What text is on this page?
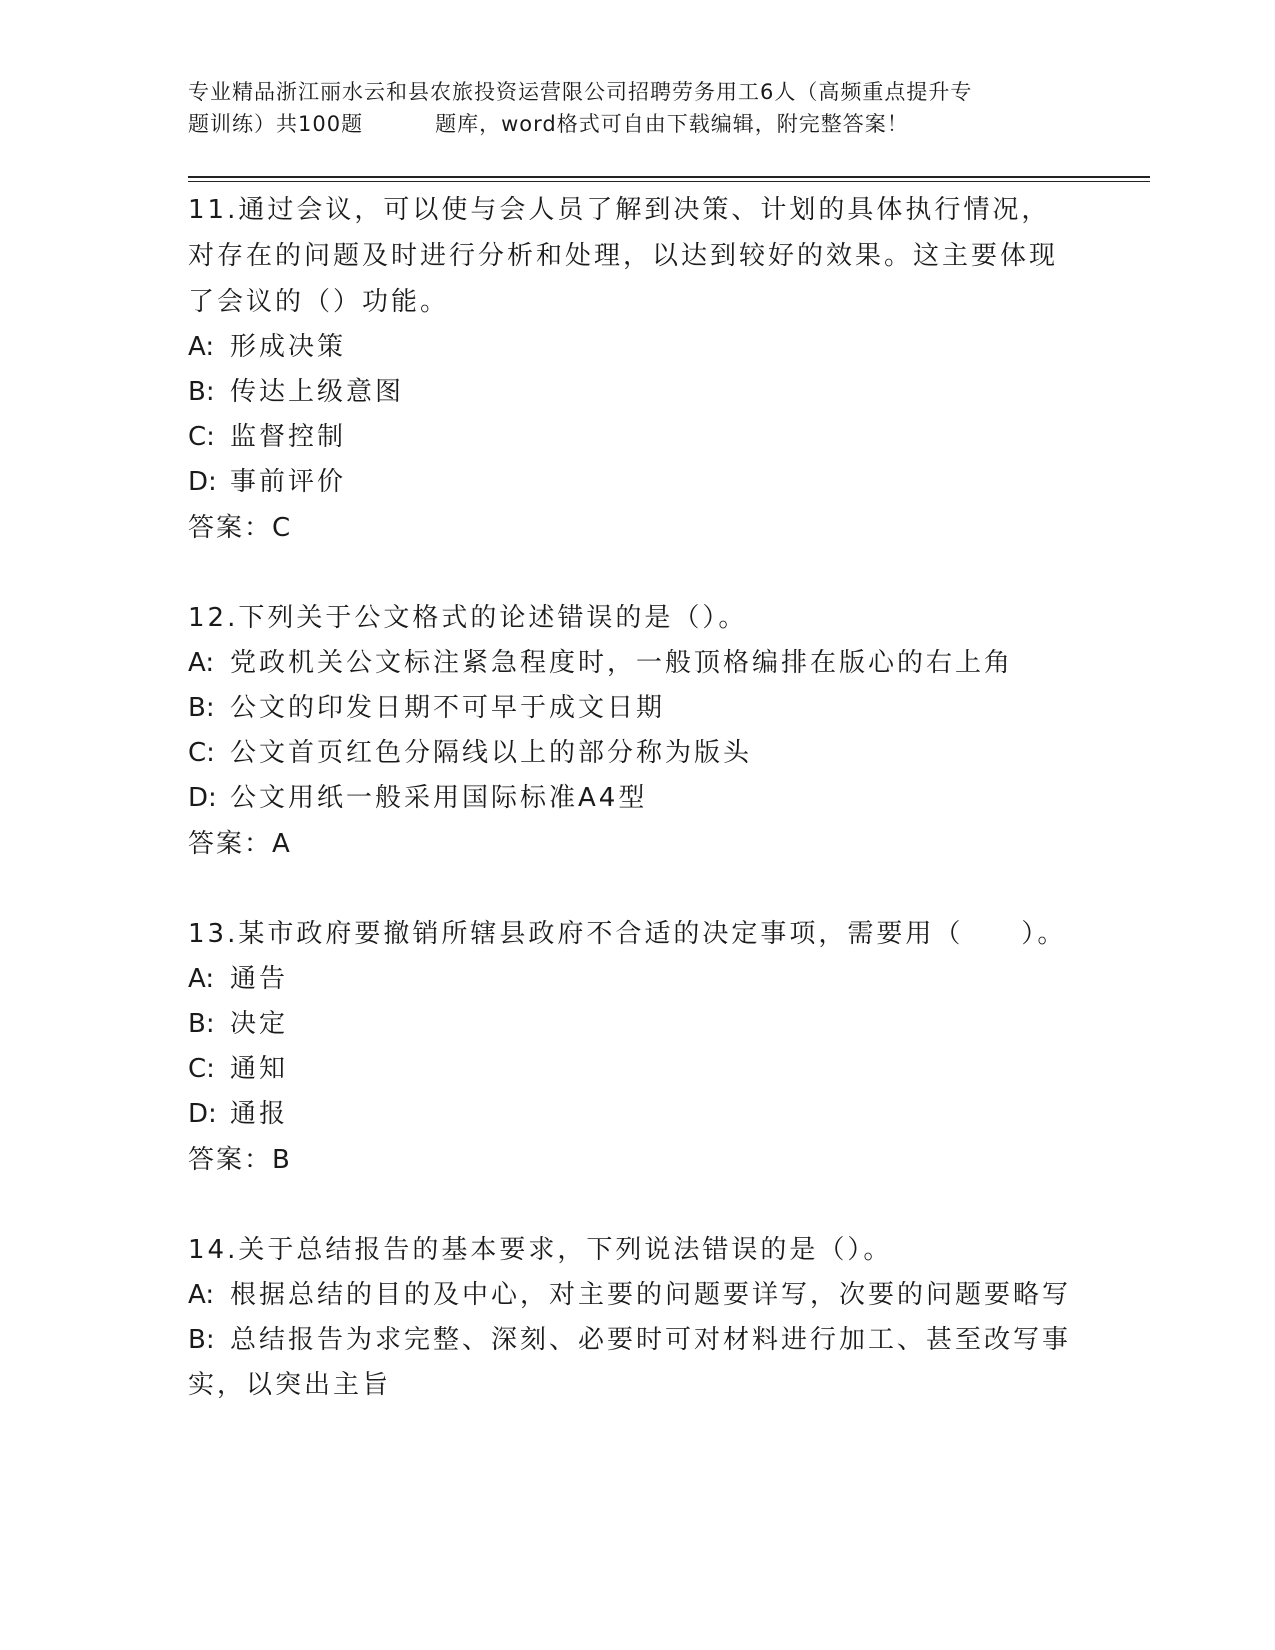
专业精品浙江丽水云和县农旅投资运营限公司招聘劳务用工6人（高频重点提升专
题训练）共100题	题库，word格式可自由下载编辑，附完整答案！

11.通过会议，可以使与会人员了解到决策、计划的具体执行情况，对存在的问题及时进行分析和处理，以达到较好的效果。这主要体现了会议的（）功能。

A: 形成决策

B: 传达上级意图

C: 监督控制

D: 事前评价

答案：C

12.下列关于公文格式的论述错误的是（）。

A: 党政机关公文标注紧急程度时，一般顶格编排在版心的右上角

B: 公文的印发日期不可早于成文日期

C: 公文首页红色分隔线以上的部分称为版头

D: 公文用纸一般采用国际标准A4型

答案：A

13.某市政府要撤销所辖县政府不合适的决定事项，需要用（　　）。

A: 通告

B: 决定

C: 通知

D: 通报

答案：B

14.关于总结报告的基本要求，下列说法错误的是（）。

A: 根据总结的目的及中心，对主要的问题要详写，次要的问题要略写

B: 总结报告为求完整、深刻、必要时可对材料进行加工、甚至改写事实，以突出主旨
